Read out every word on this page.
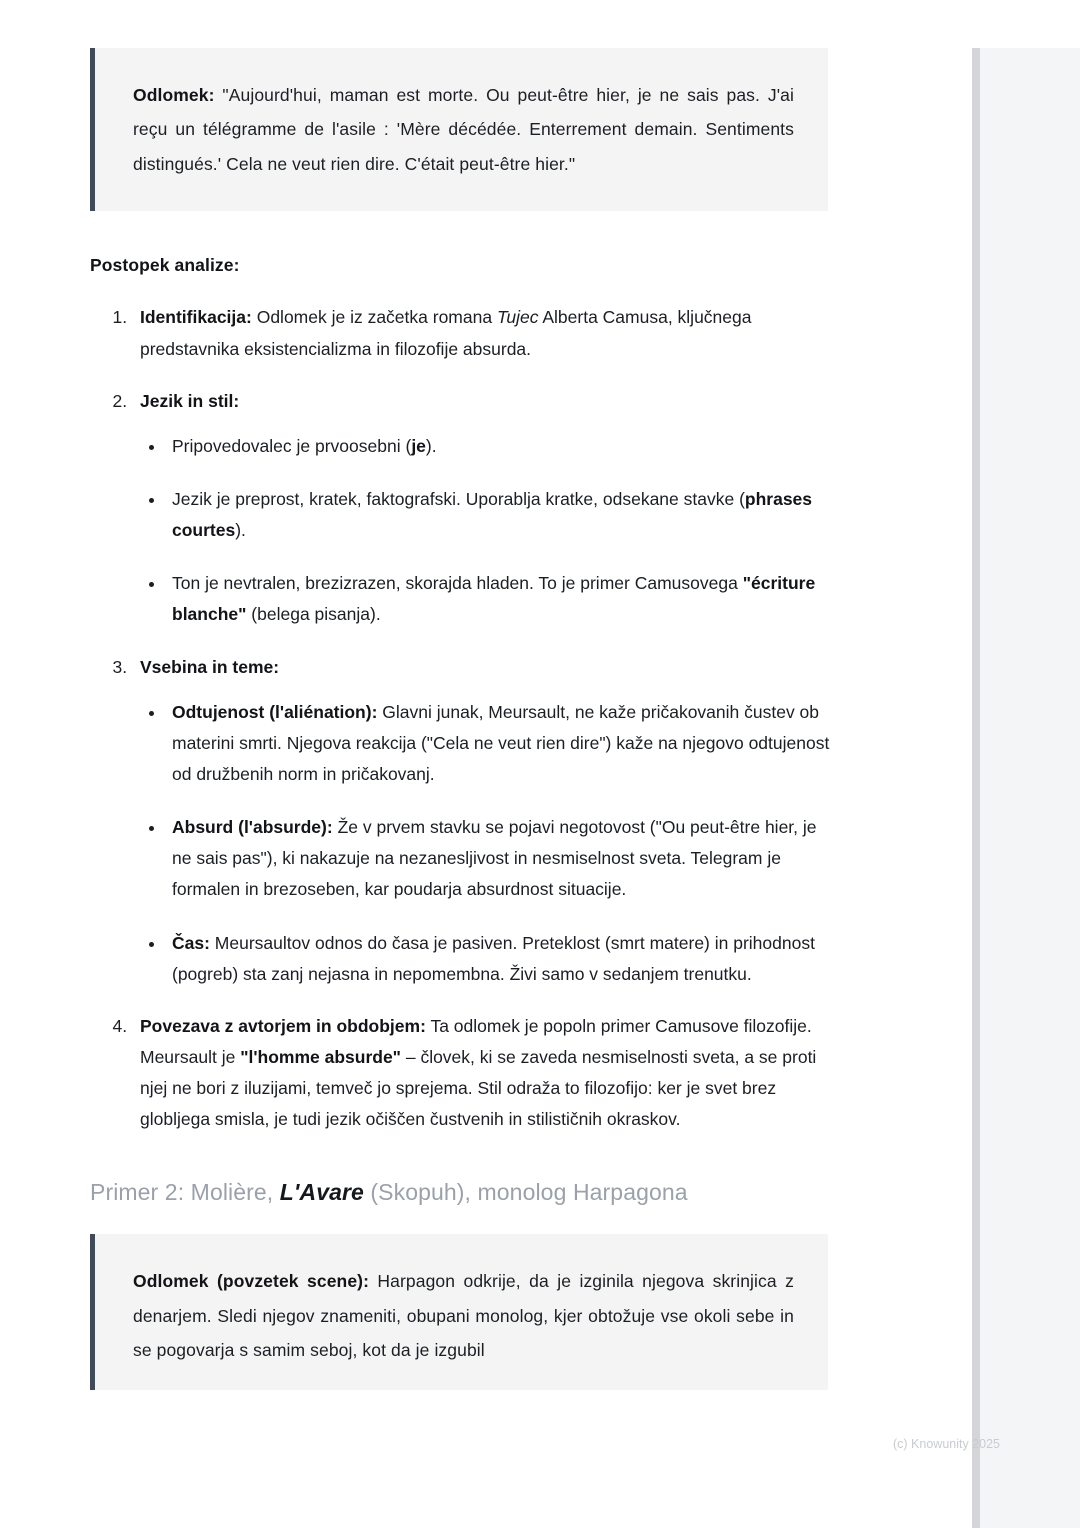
Odlomek: "Aujourd'hui, maman est morte. Ou peut-être hier, je ne sais pas. J'ai reçu un télégramme de l'asile : 'Mère décédée. Enterrement demain. Sentiments distingués.' Cela ne veut rien dire. C'était peut-être hier."

Postopek analize:
1. Identifikacija: Odlomek je iz začetka romana Tujec Alberta Camusa, ključnega predstavnika eksistencializma in filozofije absurda.
2. Jezik in stil:
• Pripovedovalec je prvoosebni (je).
• Jezik je preprost, kratek, faktografski. Uporablja kratke, odsekane stavke (phrases courtes).
• Ton je nevtralen, brezizrazen, skorajda hladen. To je primer Camusovega "écriture blanche" (belega pisanja).
3. Vsebina in teme:
• Odtujenost (l'aliénation): Glavni junak, Meursault, ne kaže pričakovanih čustev ob materini smrti. Njegova reakcija ("Cela ne veut rien dire") kaže na njegovo odtujenost od družbenih norm in pričakovanj.
• Absurd (l'absurde): Že v prvem stavku se pojavi negotovost ("Ou peut-être hier, je ne sais pas"), ki nakazuje na nezanesljivost in nesmiselnost sveta. Telegram je formalen in brezoseben, kar poudarja absurdnost situacije.
• Čas: Meursaultov odnos do časa je pasiven. Preteklost (smrt matere) in prihodnost (pogreb) sta zanj nejasna in nepomembna. Živi samo v sedanjem trenutku.
4. Povezava z avtorjem in obdobjem: Ta odlomek je popoln primer Camusove filozofije. Meursault je "l'homme absurde" – človek, ki se zaveda nesmiselnosti sveta, a se proti njej ne bori z iluzijami, temveč jo sprejema. Stil odraža to filozofijo: ker je svet brez globljega smisla, je tudi jezik očiščen čustvenih in stilističnih okraskov.
Primer 2: Molière, L'Avare (Skopuh), monolog Harpagona

Odlomek (povzetek scene): Harpagon odkrije, da je izginila njegova skrinjica z denarjem. Sledi njegov znameniti, obupani monolog, kjer obtožuje vse okoli sebe in se pogovarja s samim seboj, kot da je izgubil

(c) Knowunity 2025
